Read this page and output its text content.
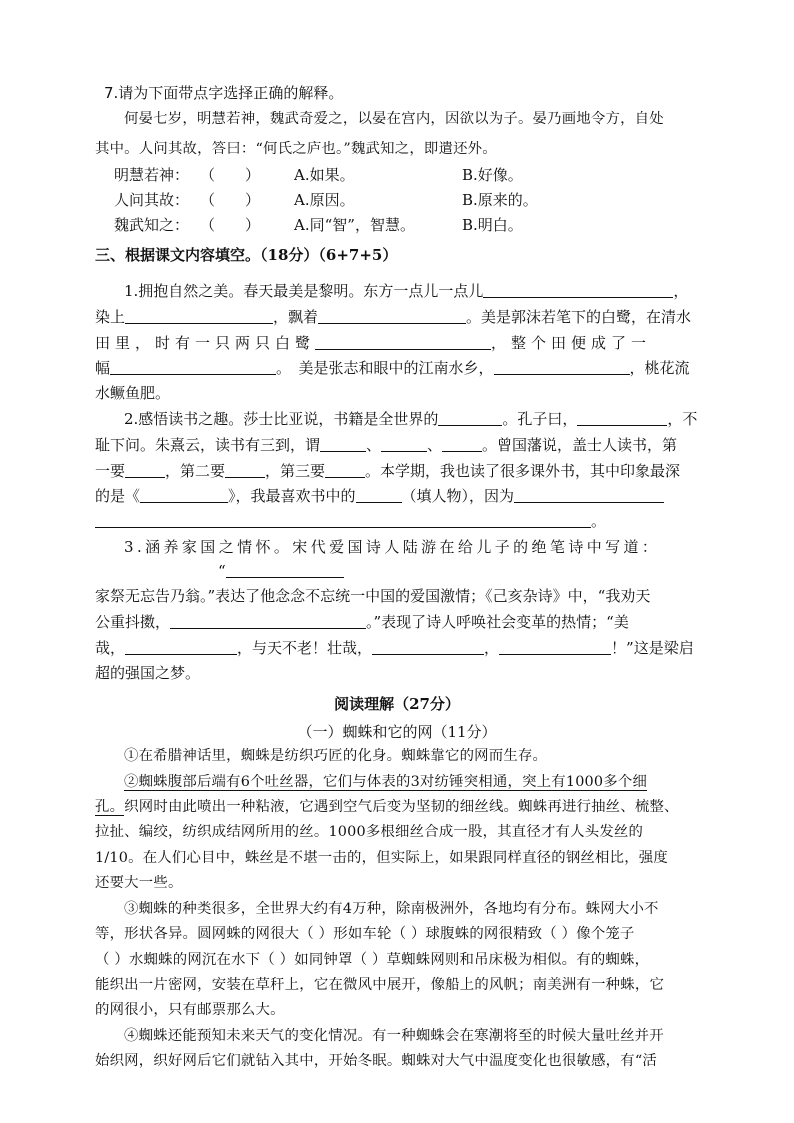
7.请为下面带点字选择正确的解释。
何晏七岁，明慧若神，魏武奇爱之，以晏在宫内，因欲以为子。晏乃画地令方，自处
其中。人问其故，答曰：“何氏之庐也。”魏武知之，即遣还外。
明慧若神： （　　） A.如果。	B.好像。
人问其故： （　　） A.原因。	B.原来的。
魏武知之： （　　） A.同“智”，智慧。	B.明白。
三、根据课文内容填空。（18分）（6+7+5）
1.拥抱自然之美。春天最美是黎明。东方一点儿一点儿	，
染上	，飘着	。美是郭沫若笔下的白鹭，在清水
田里，时有一只两只白鹭	，整个田便成了一
幅	。　美是张志和眼中的江南水乡，	，桃花流
水鳜鱼肥。
2.感悟读书之趣。莎士比亚说，书籍是全世界的	。孔子曰，	，不
耻下问。朱熹云，读书有三到，谓	、	、	。曾国藩说，盖士人读书，第
一要	，第二要	，第三要	。本学期，我也读了很多课外书，其中印象最深
的是《	》，我最喜欢书中的	（填人物），因为
。
3.涵养家国之情怀。宋代爱国诗人陆游在给儿子的绝笔诗中写道：
“
家祭无忘告乃翁。”表达了他念念不忘统一中国的爱国激情；《己亥杂诗》中，“我劝天
公重抖擞，	。”表现了诗人呼唤社会变革的热情；“美
哉，	，与天不老！壮哉，	，	！”这是梁启
超的强国之梦。
阅读理解（27分）
（一）蜘蛛和它的网（11分）
①在希腊神话里，蜘蛛是纺织巧匠的化身。蜘蛛靠它的网而生存。
②蜘蛛腹部后端有6个吐丝器，它们与体表的3对纺锤突相通，突上有1000多个细
孔。织网时由此喷出一种粘液，它遇到空气后变为坚韧的细丝线。蜘蛛再进行抽丝、梳整、
拉扯、编绞，纺织成结网所用的丝。1000多根细丝合成一股，其直径才有人头发丝的
1/10。在人们心目中，蛛丝是不堪一击的，但实际上，如果跟同样直径的钢丝相比，强度
还要大一些。
③蜘蛛的种类很多，全世界大约有4万种，除南极洲外，各地均有分布。蛛网大小不
等，形状各异。圆网蛛的网很大（ ）形如车轮（ ）球腹蛛的网很精致（ ）像个笼子
（ ）水蜘蛛的网沉在水下（ ）如同钟罩（ ）草蜘蛛网则和吊床极为相似。有的蜘蛛，
能织出一片密网，安装在草秆上，它在微风中展开，像船上的风帆；南美洲有一种蛛，它
的网很小，只有邮票那么大。
④蜘蛛还能预知未来天气的变化情况。有一种蜘蛛会在寒潮将至的时候大量吐丝并开
始织网，织好网后它们就钻入其中，开始冬眠。蜘蛛对大气中温度变化也很敏感，有“活
